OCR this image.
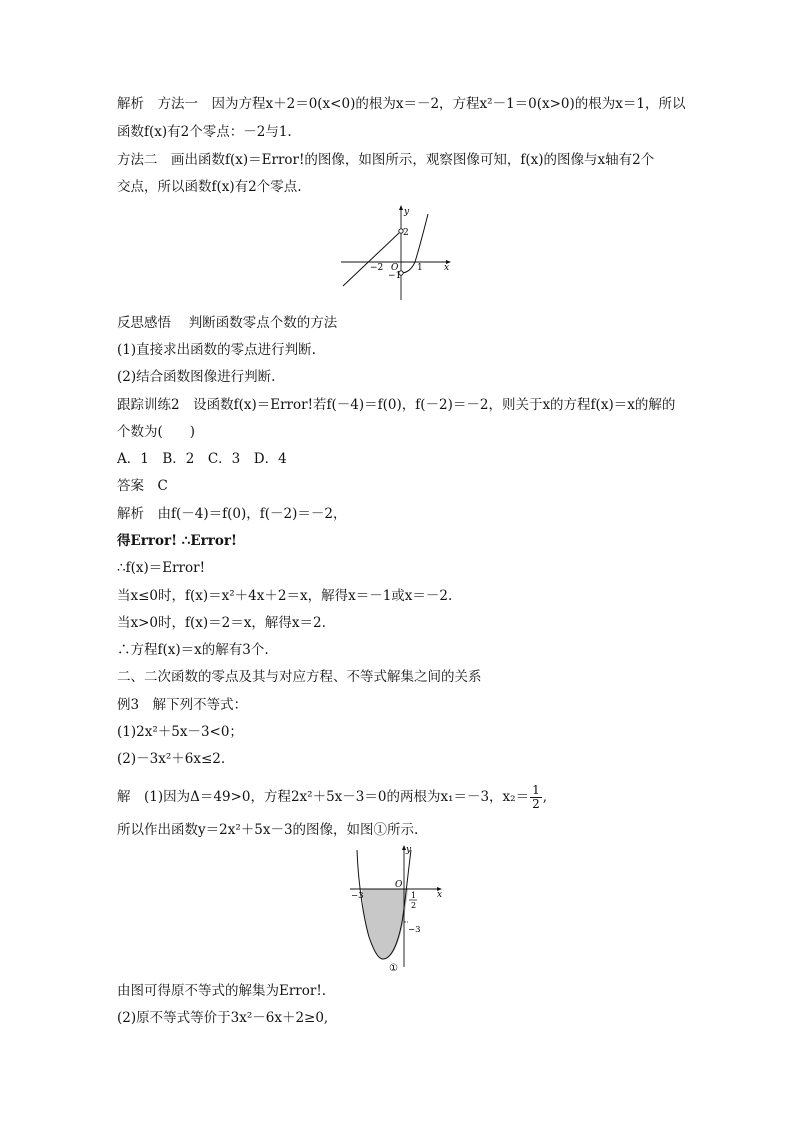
解析　方法一　因为方程x＋2＝0(x<0)的根为x＝－2，方程x²－1＝0(x>0)的根为x＝1，所以
函数f(x)有2个零点：－2与1.
方法二　画出函数f(x)＝Error!的图像，如图所示，观察图像可知，f(x)的图像与x轴有2个
交点，所以函数f(x)有2个零点.
y
x
2
−2 O 1
−1
反思感悟　 判断函数零点个数的方法
(1)直接求出函数的零点进行判断.
(2)结合函数图像进行判断.
跟踪训练2　设函数f(x)＝Error!若f(－4)＝f(0)，f(－2)＝－2，则关于x的方程f(x)＝x的解的
个数为(　　)
A．1　B．2　C．3　D．4
答案　C
解析　由f(－4)＝f(0)，f(－2)＝－2，
得Error! ∴Error!
∴f(x)＝Error!
当x≤0时，f(x)＝x²＋4x＋2＝x，解得x＝－1或x＝－2.
当x>0时，f(x)＝2＝x，解得x＝2.
∴方程f(x)＝x的解有3个.
二、二次函数的零点及其与对应方程、不等式解集之间的关系
例3　解下列不等式：
(1)2x²＋5x－3<0；
(2)－3x²＋6x≤2.
解　(1)因为Δ＝49>0，方程2x²＋5x－3＝0的两根为x₁＝－3，$x_2= \frac{1}{2}$ ,
所以作出函数y＝2x²＋5x－3的图像，如图①所示.
y
x
O
−3	1
2
−3
①
由图可得原不等式的解集为Error!.
(2)原不等式等价于3x²－6x＋2≥0,
